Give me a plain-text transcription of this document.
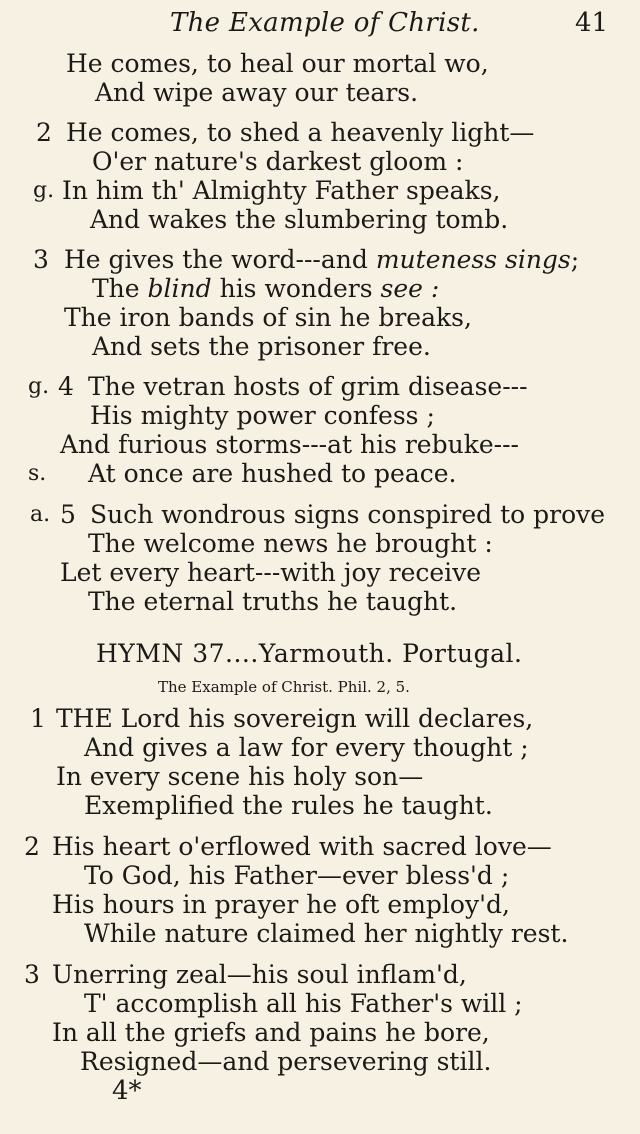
The Example of Christ.	41
He comes, to heal our mortal wo,
And wipe away our tears.
2 He comes, to shed a heavenly light—
O'er nature's darkest gloom :
g. In him th' Almighty Father speaks,
And wakes the slumbering tomb.
3 He gives the word---and muteness sings;
The blind his wonders see :
The iron bands of sin he breaks,
And sets the prisoner free.
g. 4 The vetran hosts of grim disease---
His mighty power confess ;
And furious storms---at his rebuke---
s. At once are hushed to peace.
a. 5 Such wondrous signs conspired to prove
The welcome news he brought :
Let every heart---with joy receive
The eternal truths he taught.
HYMN 37....Yarmouth. Portugal.
The Example of Christ. Phil. 2, 5.
1 THE Lord his sovereign will declares,
And gives a law for every thought ;
In every scene his holy son—
Exemplified the rules he taught.
2 His heart o'erflowed with sacred love—
To God, his Father—ever bless'd ;
His hours in prayer he oft employ'd,
While nature claimed her nightly rest.
3 Unerring zeal—his soul inflam'd,
T' accomplish all his Father's will ;
In all the griefs and pains he bore,
Resigned—and persevering still.
4*
